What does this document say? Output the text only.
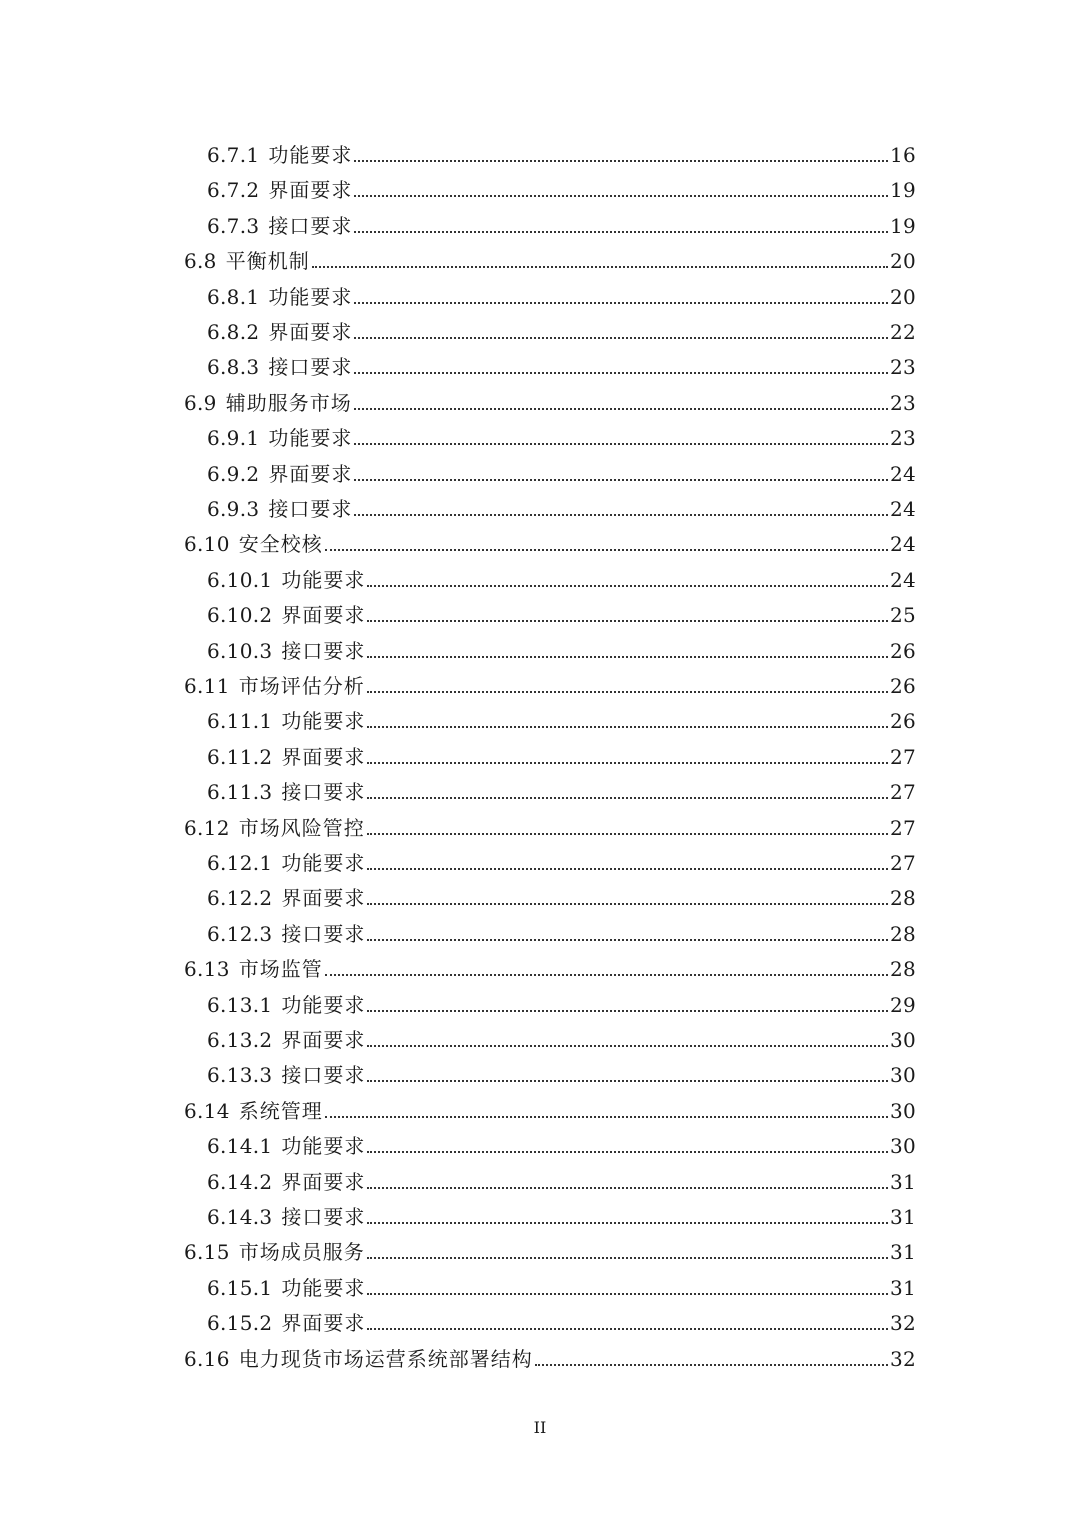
6.7.1 功能要求	16
6.7.2 界面要求	19
6.7.3 接口要求	19
6.8 平衡机制	20
6.8.1 功能要求	20
6.8.2 界面要求	22
6.8.3 接口要求	23
6.9 辅助服务市场	23
6.9.1 功能要求	23
6.9.2 界面要求	24
6.9.3 接口要求	24
6.10 安全校核	24
6.10.1 功能要求	24
6.10.2 界面要求	25
6.10.3 接口要求	26
6.11 市场评估分析	26
6.11.1 功能要求	26
6.11.2 界面要求	27
6.11.3 接口要求	27
6.12 市场风险管控	27
6.12.1 功能要求	27
6.12.2 界面要求	28
6.12.3 接口要求	28
6.13 市场监管	28
6.13.1 功能要求	29
6.13.2 界面要求	30
6.13.3 接口要求	30
6.14 系统管理	30
6.14.1 功能要求	30
6.14.2 界面要求	31
6.14.3 接口要求	31
6.15 市场成员服务	31
6.15.1 功能要求	31
6.15.2 界面要求	32
6.16 电力现货市场运营系统部署结构	32
II
